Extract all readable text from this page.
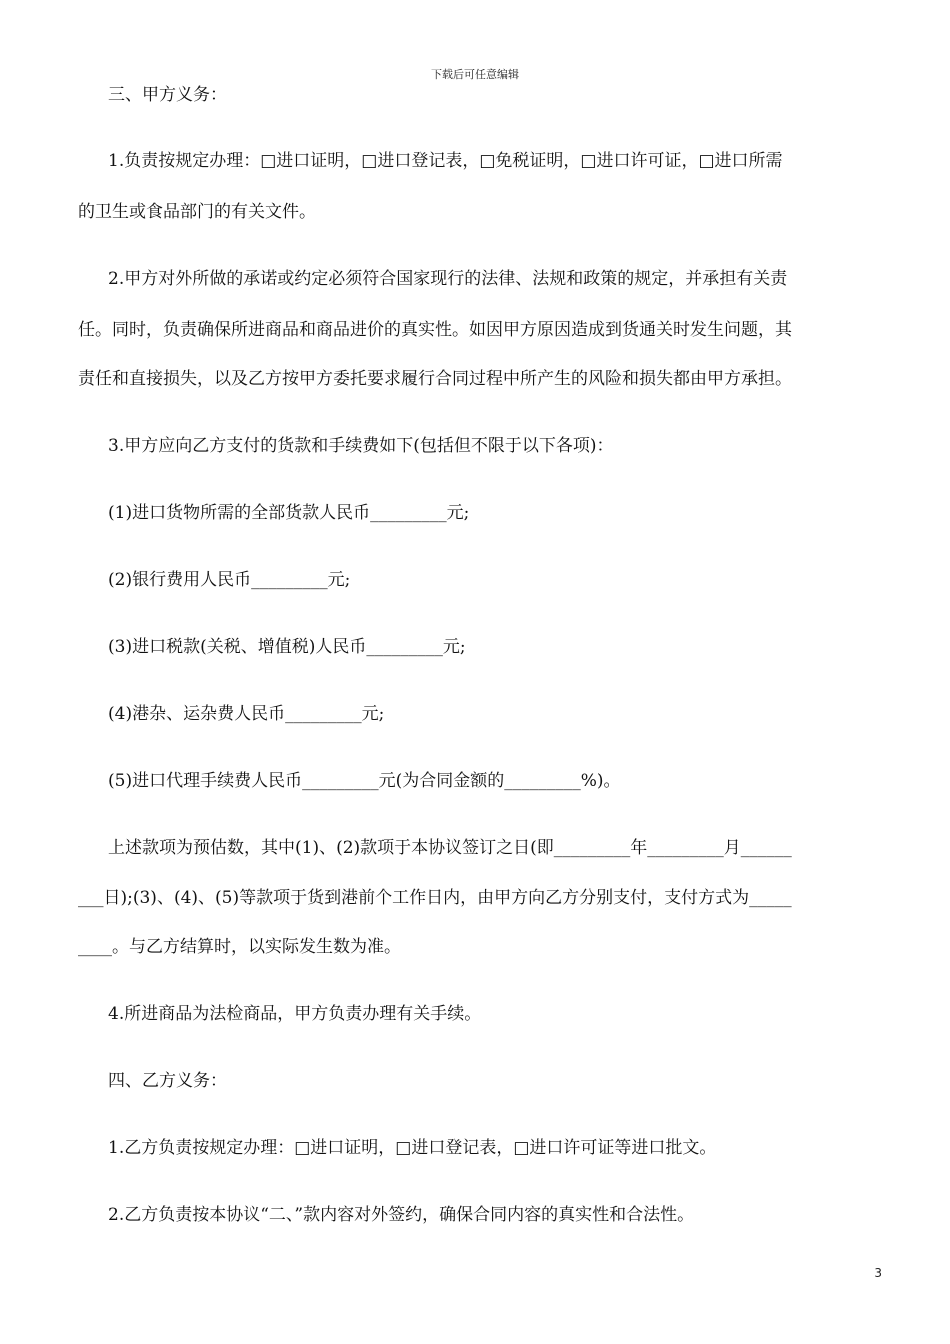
下载后可任意编辑

三、甲方义务：

1.负责按规定办理：□进口证明，□进口登记表，□免税证明，□进口许可证，□进口所需

的卫生或食品部门的有关文件。

2.甲方对外所做的承诺或约定必须符合国家现行的法律、法规和政策的规定，并承担有关责

任。同时，负责确保所进商品和商品进价的真实性。如因甲方原因造成到货通关时发生问题，其

责任和直接损失，以及乙方按甲方委托要求履行合同过程中所产生的风险和损失都由甲方承担。

3.甲方应向乙方支付的货款和手续费如下(包括但不限于以下各项)：

(1)进口货物所需的全部货款人民币_________元;

(2)银行费用人民币_________元;

(3)进口税款(关税、增值税)人民币_________元;

(4)港杂、运杂费人民币_________元;

(5)进口代理手续费人民币_________元(为合同金额的_________%)。

上述款项为预估数，其中(1)、(2)款项于本协议签订之日(即_________年_________月______

___日);(3)、(4)、(5)等款项于货到港前个工作日内，由甲方向乙方分别支付，支付方式为_____

____。与乙方结算时，以实际发生数为准。

4.所进商品为法检商品，甲方负责办理有关手续。

四、乙方义务：

1.乙方负责按规定办理：□进口证明，□进口登记表，□进口许可证等进口批文。

2.乙方负责按本协议“二、”款内容对外签约，确保合同内容的真实性和合法性。

3
